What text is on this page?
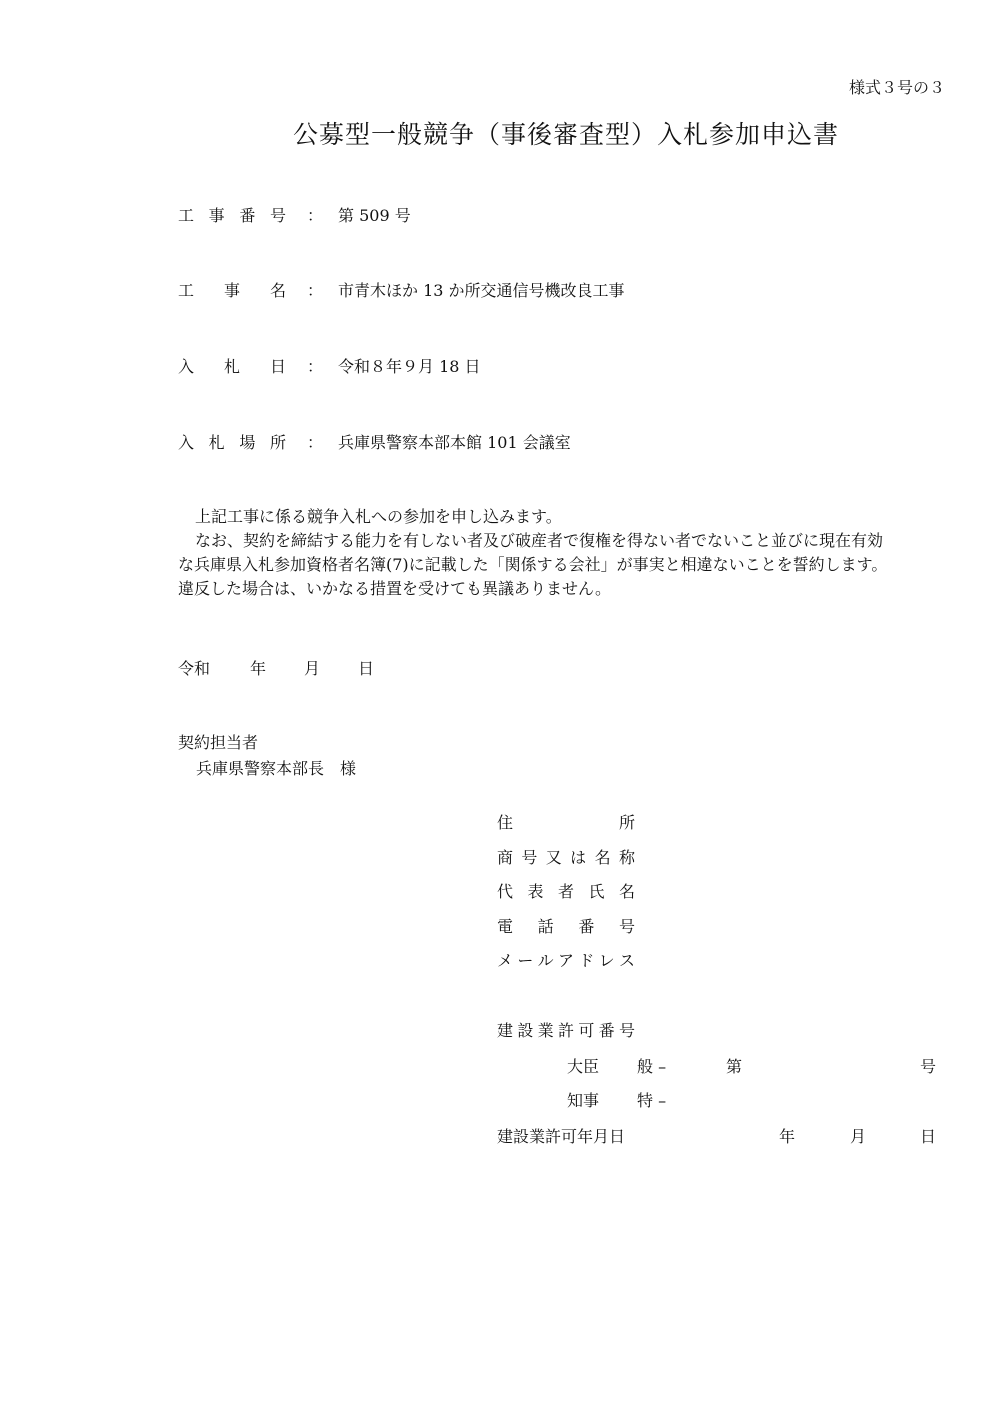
様式３号の３
公募型一般競争（事後審査型）入札参加申込書
工 事 番 号 ： 第 509 号
工 事 名 ： 市青木ほか 13 か所交通信号機改良工事
入 札 日 ： 令和８年９月 18 日
入 札 場 所 ： 兵庫県警察本部本館 101 会議室
上記工事に係る競争入札への参加を申し込みます。
なお、契約を締結する能力を有しない者及び破産者で復権を得ない者でないこと並びに現在有効
な兵庫県入札参加資格者名簿(7)に記載した「関係する会社」が事実と相違ないことを誓約します。
違反した場合は、いかなる措置を受けても異議ありません。
令和 年 月 日
契約担当者
兵庫県警察本部長　様
住	所
商 号 又 は 名 称
代 表 者 氏 名
電 話 番 号
メ ー ル ア ド レ ス
建 設 業 許 可 番 号
大臣 般 –	第	号
知事 特 –
建設業許可年月日	年	月	日
